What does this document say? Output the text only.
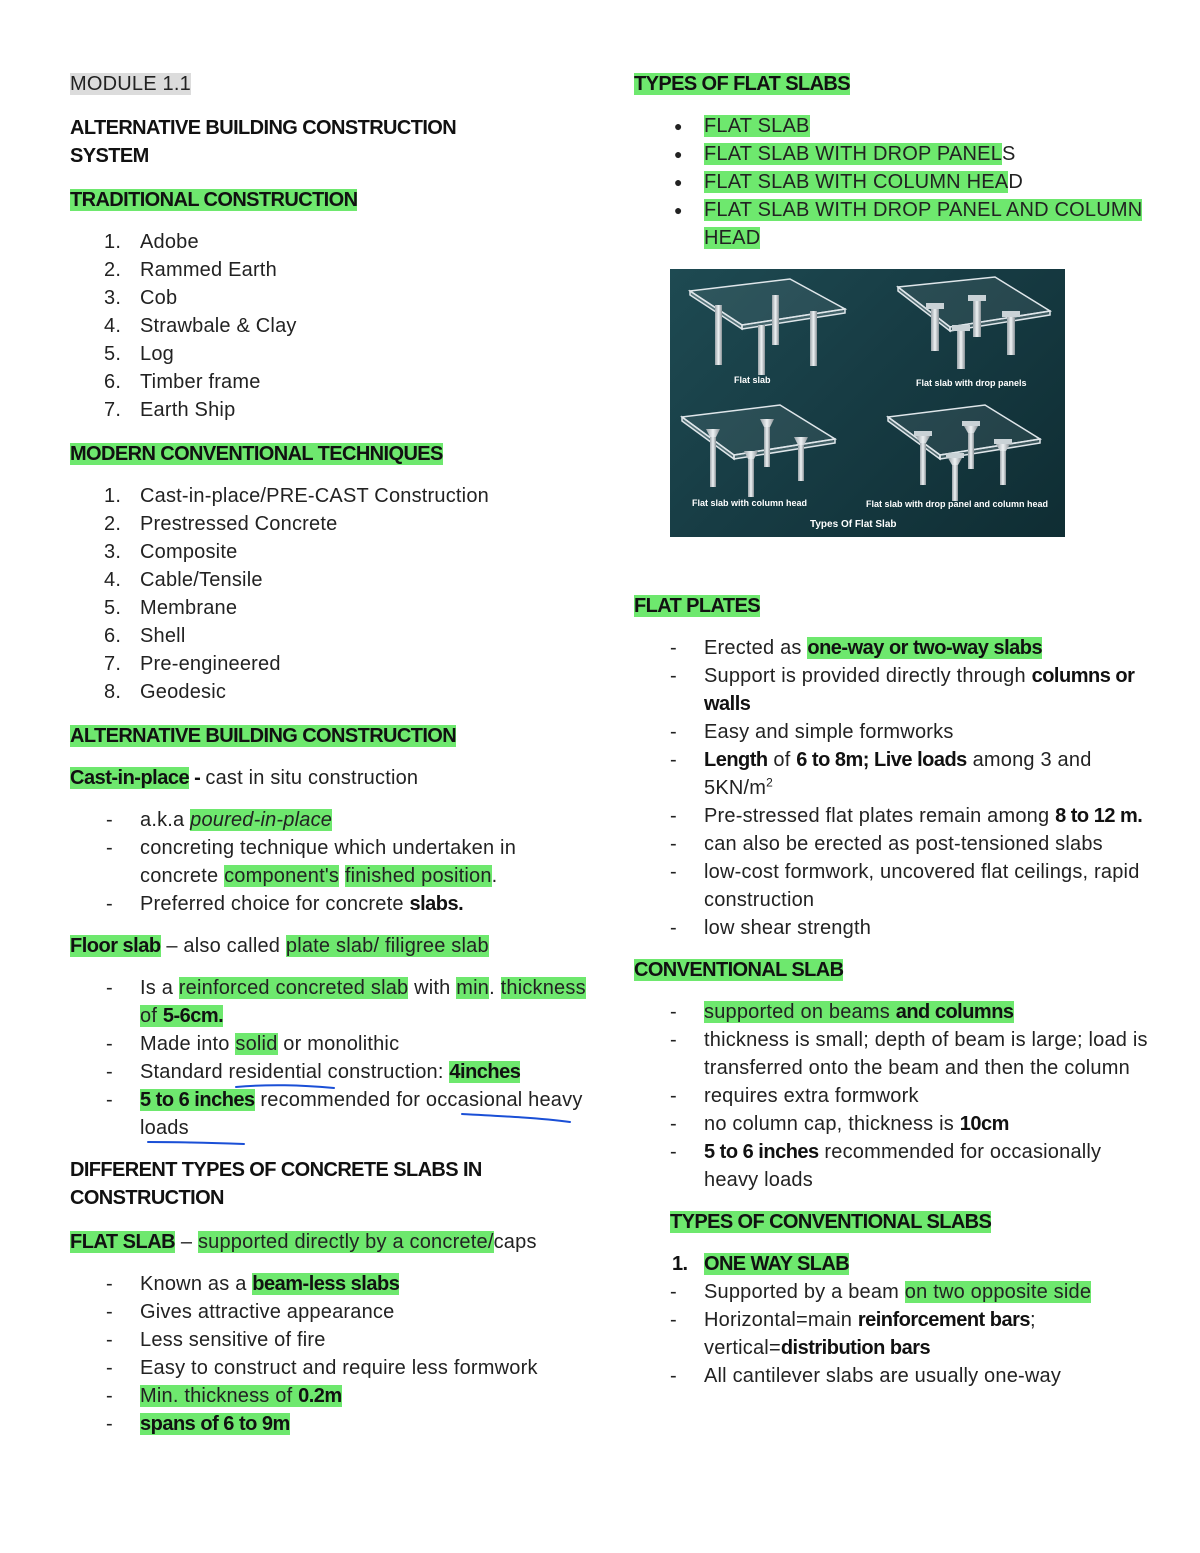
MODULE 1.1

ALTERNATIVE BUILDING CONSTRUCTION

SYSTEM

TRADITIONAL CONSTRUCTION

1. Adobe
2. Rammed Earth
3. Cob
4. Strawbale & Clay
5. Log
6. Timber frame
7. Earth Ship

MODERN CONVENTIONAL TECHNIQUES

1. Cast-in-place/PRE-CAST Construction
2. Prestressed Concrete
3. Composite
4. Cable/Tensile
5. Membrane
6. Shell
7. Pre-engineered
8. Geodesic

ALTERNATIVE BUILDING CONSTRUCTION

Cast-in-place - cast in situ construction

- a.k.a poured-in-place
- concreting technique which undertaken in concrete component's finished position.
- Preferred choice for concrete slabs.

Floor slab – also called plate slab/ filigree slab

- Is a reinforced concreted slab with min. thickness of 5-6cm.
- Made into solid or monolithic
- Standard residential construction: 4inches
- 5 to 6 inches recommended for occasional heavy loads

DIFFERENT TYPES OF CONCRETE SLABS IN

CONSTRUCTION

FLAT SLAB – supported directly by a concrete/caps

- Known as a beam-less slabs
- Gives attractive appearance
- Less sensitive of fire
- Easy to construct and require less formwork
- Min. thickness of 0.2m
- spans of 6 to 9m

TYPES OF FLAT SLABS

● FLAT SLAB
● FLAT SLAB WITH DROP PANELS
● FLAT SLAB WITH COLUMN HEAD
● FLAT SLAB WITH DROP PANEL AND COLUMN HEAD

FLAT PLATES

- Erected as one-way or two-way slabs
- Support is provided directly through columns or walls
- Easy and simple formworks
- Length of 6 to 8m; Live loads among 3 and $5KN/m^2$
- Pre-stressed flat plates remain among 8 to 12 m.
- can also be erected as post-tensioned slabs
- low-cost formwork, uncovered flat ceilings, rapid construction
- low shear strength

CONVENTIONAL SLAB

- supported on beams and columns
- thickness is small; depth of beam is large; load is transferred onto the beam and then the column
- requires extra formwork
- no column cap, thickness is 10cm
- 5 to 6 inches recommended for occasionally heavy loads

TYPES OF CONVENTIONAL SLABS

1. ONE WAY SLAB

- Supported by a beam on two opposite side
- Horizontal=main reinforcement bars; vertical=distribution bars
- All cantilever slabs are usually one-way
Flat slab	Flat slab with drop panels
Flat slab with column head	Flat slab with drop panel and column head
Types Of Flat Slab
